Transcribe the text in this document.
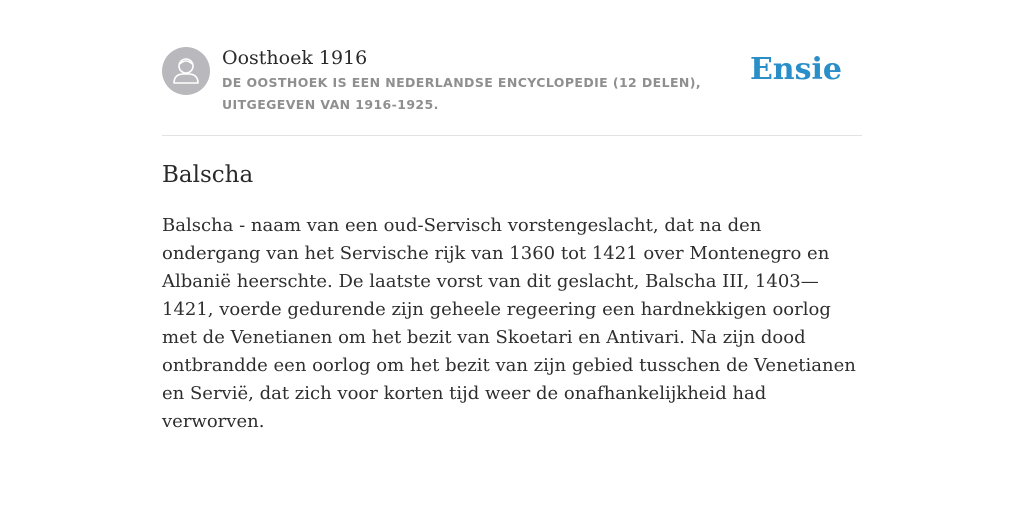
Oosthoek 1916
DE OOSTHOEK IS EEN NEDERLANDSE ENCYCLOPEDIE (12 DELEN), UITGEGEVEN VAN 1916-1925.
Ensie
Balscha

Balscha - naam van een oud-Servisch vorstengeslacht, dat na den ondergang van het Servische rijk van 1360 tot 1421 over Montenegro en Albanië heerschte. De laatste vorst van dit geslacht, Balscha III, 1403—1421, voerde gedurende zijn geheele regeering een hardnekkigen oorlog met de Venetianen om het bezit van Skoetari en Antivari. Na zijn dood ontbrandde een oorlog om het bezit van zijn gebied tusschen de Venetianen en Servië, dat zich voor korten tijd weer de onafhankelijkheid had verworven.
